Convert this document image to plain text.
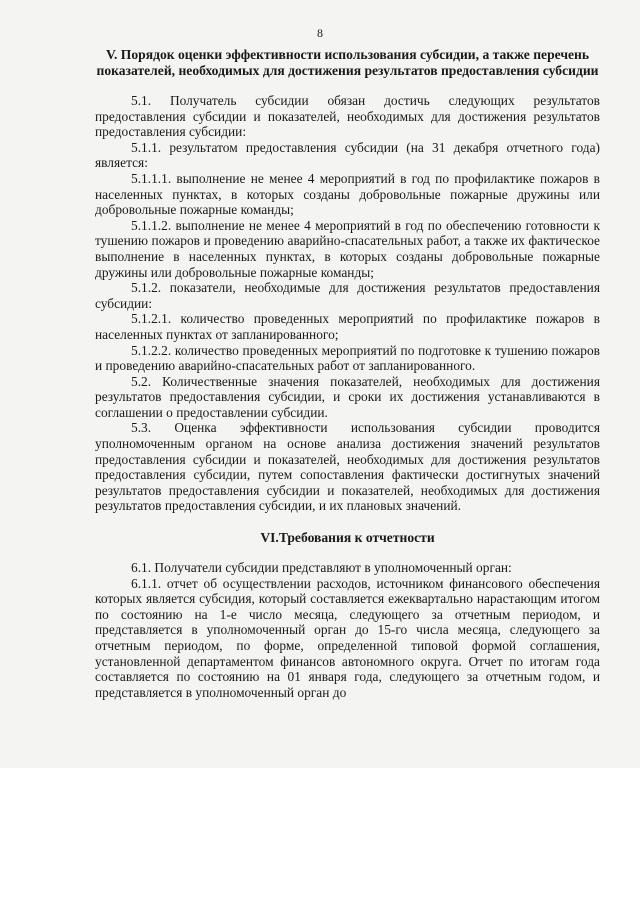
8

V. Порядок оценки эффективности использования субсидии, а также перечень показателей, необходимых для достижения результатов предоставления субсидии

5.1. Получатель субсидии обязан достичь следующих результатов предоставления субсидии и показателей, необходимых для достижения результатов предоставления субсидии:

5.1.1. результатом предоставления субсидии (на 31 декабря отчетного года) является:

5.1.1.1. выполнение не менее 4 мероприятий в год по профилактике пожаров в населенных пунктах, в которых созданы добровольные пожарные дружины или добровольные пожарные команды;

5.1.1.2. выполнение не менее 4 мероприятий в год по обеспечению готовности к тушению пожаров и проведению аварийно-спасательных работ, а также их фактическое выполнение в населенных пунктах, в которых созданы добровольные пожарные дружины или добровольные пожарные команды;

5.1.2. показатели, необходимые для достижения результатов предоставления субсидии:

5.1.2.1. количество проведенных мероприятий по профилактике пожаров в населенных пунктах от запланированного;

5.1.2.2. количество проведенных мероприятий по подготовке к тушению пожаров и проведению аварийно-спасательных работ от запланированного.

5.2. Количественные значения показателей, необходимых для достижения результатов предоставления субсидии, и сроки их достижения устанавливаются в соглашении о предоставлении субсидии.

5.3. Оценка эффективности использования субсидии проводится уполномоченным органом на основе анализа достижения значений результатов предоставления субсидии и показателей, необходимых для достижения результатов предоставления субсидии, путем сопоставления фактически достигнутых значений результатов предоставления субсидии и показателей, необходимых для достижения результатов предоставления субсидии, и их плановых значений.

VI.Требования к отчетности

6.1. Получатели субсидии представляют в уполномоченный орган:

6.1.1. отчет об осуществлении расходов, источником финансового обеспечения которых является субсидия, который составляется ежеквартально нарастающим итогом по состоянию на 1-е число месяца, следующего за отчетным периодом, и представляется в уполномоченный орган до 15-го числа месяца, следующего за отчетным периодом, по форме, определенной типовой формой соглашения, установленной департаментом финансов автономного округа. Отчет по итогам года составляется по состоянию на 01 января года, следующего за отчетным годом, и представляется в уполномоченный орган до
